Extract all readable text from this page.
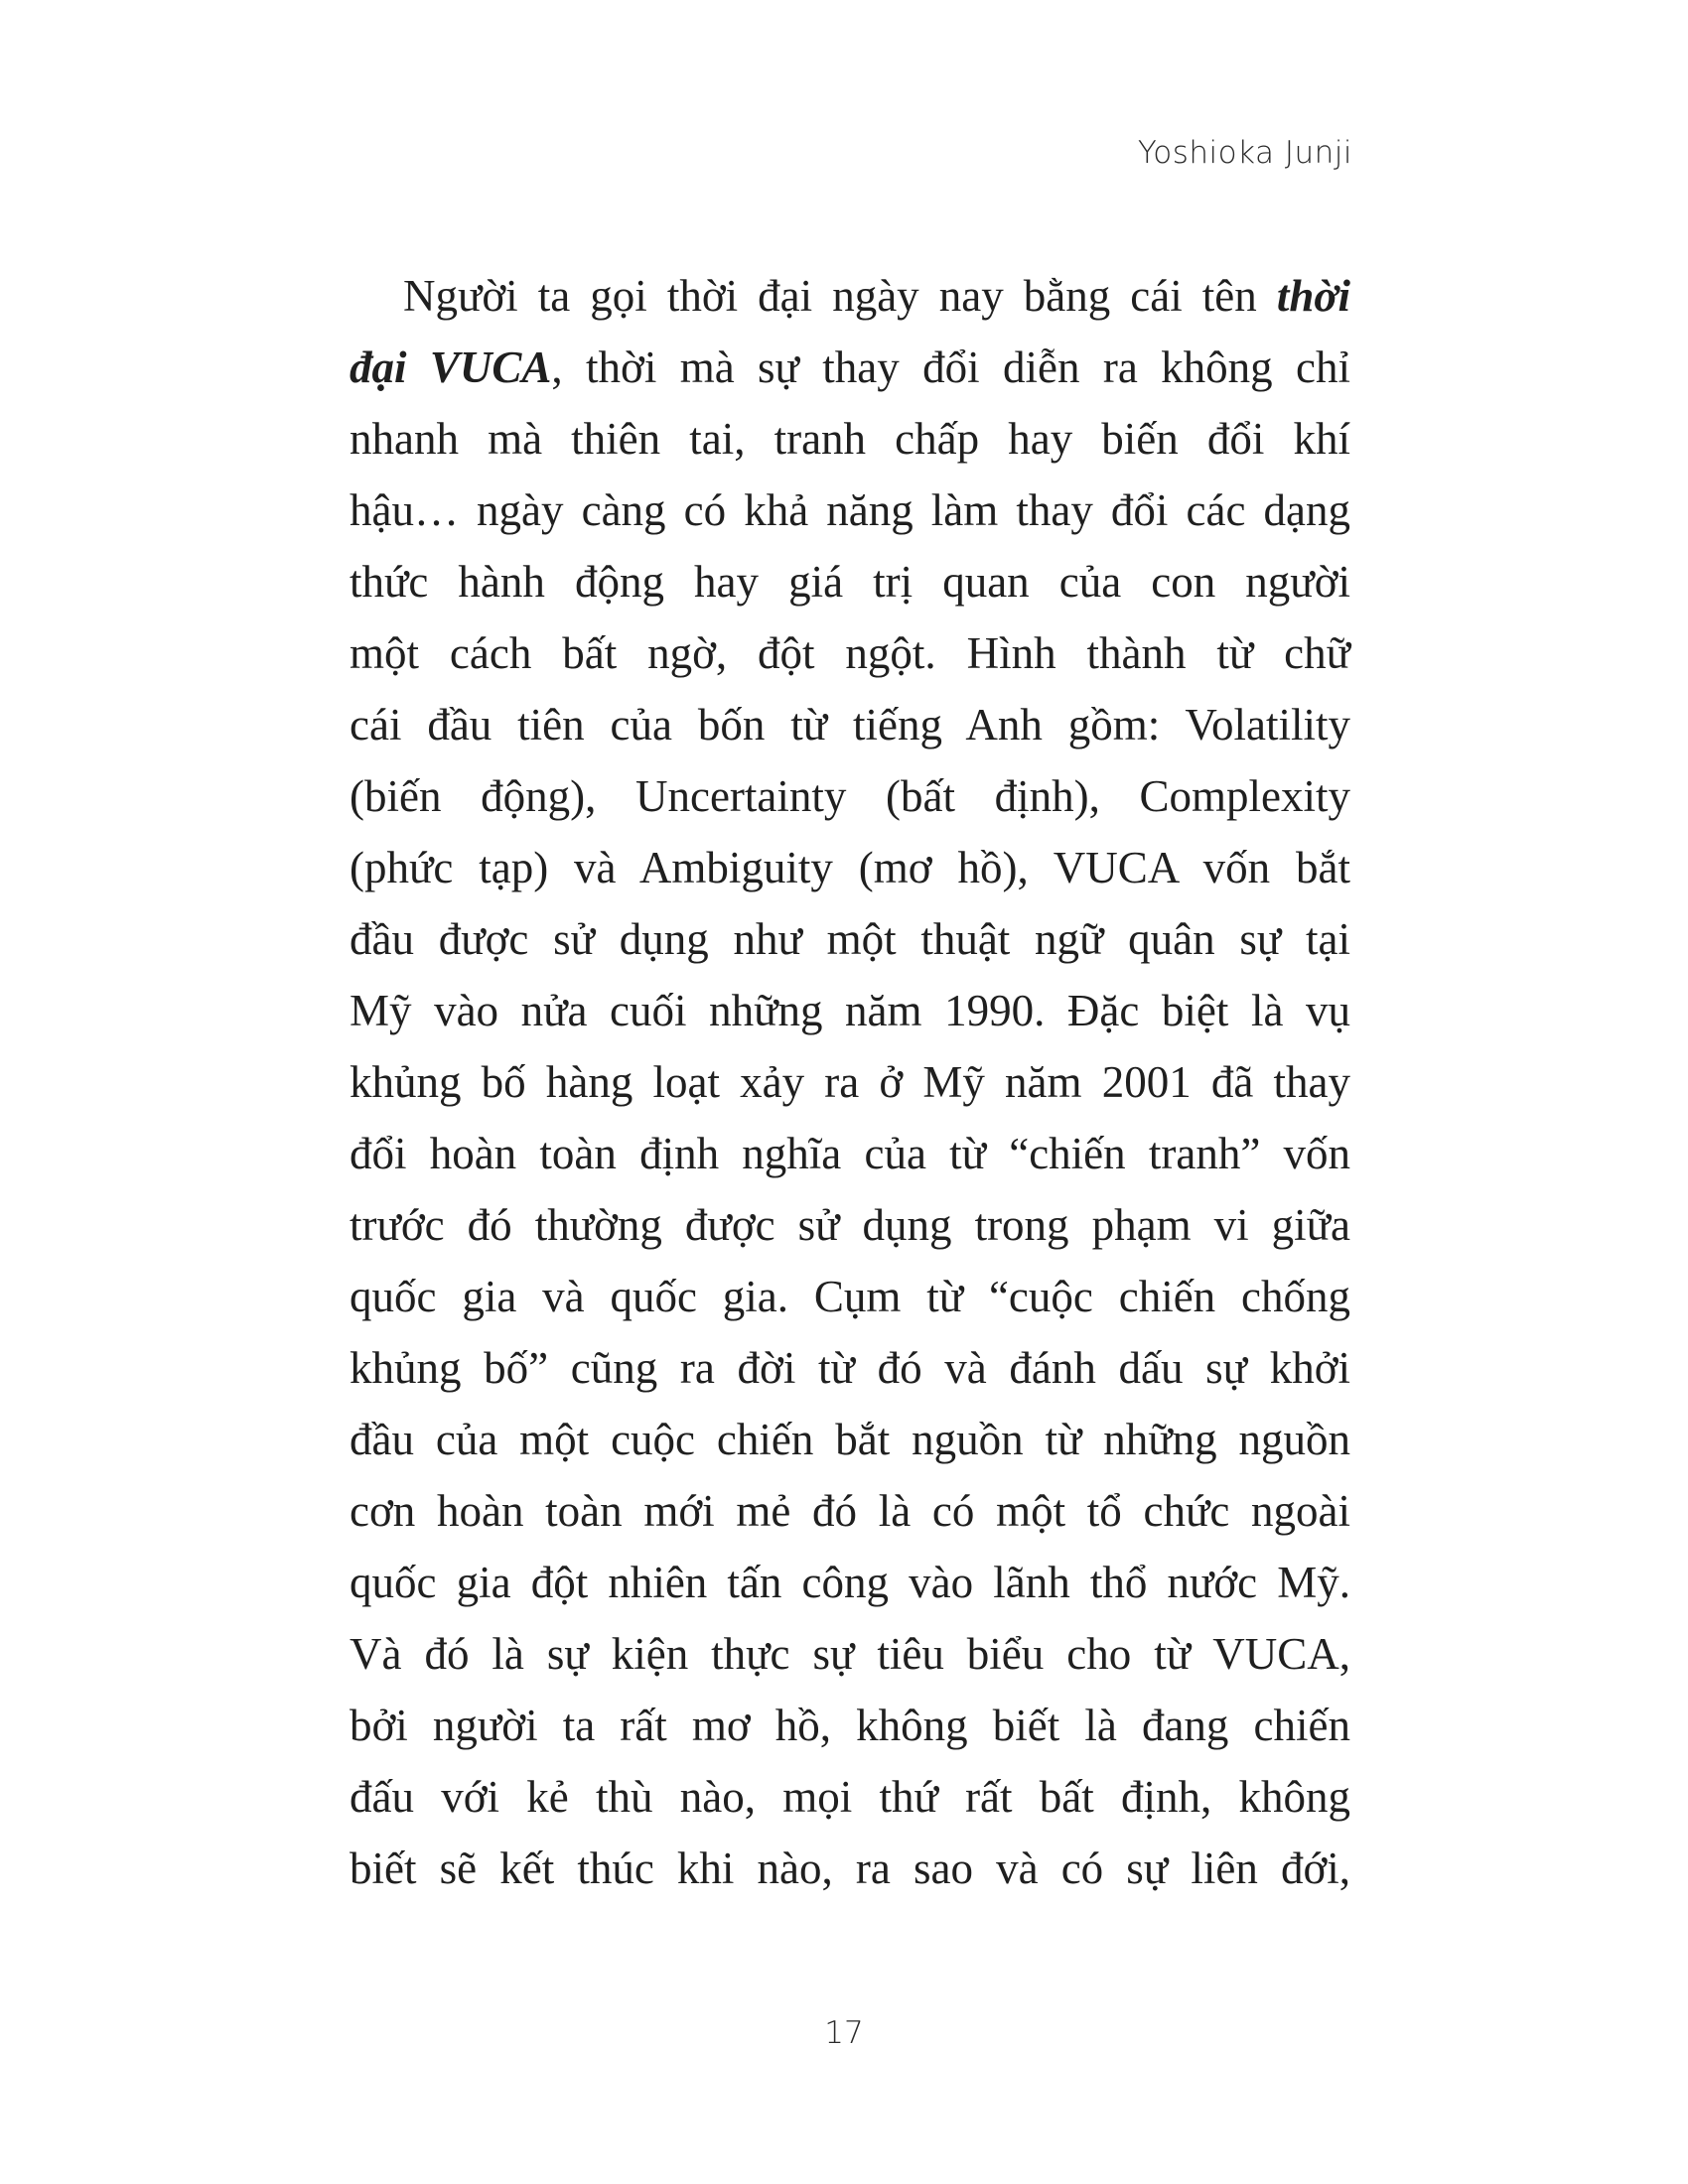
Yoshioka Junji
Người ta gọi thời đại ngày nay bằng cái tên thời
đại VUCA, thời mà sự thay đổi diễn ra không chỉ
nhanh mà thiên tai, tranh chấp hay biến đổi khí
hậu… ngày càng có khả năng làm thay đổi các dạng
thức hành động hay giá trị quan của con người
một cách bất ngờ, đột ngột. Hình thành từ chữ
cái đầu tiên của bốn từ tiếng Anh gồm: Volatility
(biến động), Uncertainty (bất định), Complexity
(phức tạp) và Ambiguity (mơ hồ), VUCA vốn bắt
đầu được sử dụng như một thuật ngữ quân sự tại
Mỹ vào nửa cuối những năm 1990. Đặc biệt là vụ
khủng bố hàng loạt xảy ra ở Mỹ năm 2001 đã thay
đổi hoàn toàn định nghĩa của từ “chiến tranh” vốn
trước đó thường được sử dụng trong phạm vi giữa
quốc gia và quốc gia. Cụm từ “cuộc chiến chống
khủng bố” cũng ra đời từ đó và đánh dấu sự khởi
đầu của một cuộc chiến bắt nguồn từ những nguồn
cơn hoàn toàn mới mẻ đó là có một tổ chức ngoài
quốc gia đột nhiên tấn công vào lãnh thổ nước Mỹ.
Và đó là sự kiện thực sự tiêu biểu cho từ VUCA,
bởi người ta rất mơ hồ, không biết là đang chiến
đấu với kẻ thù nào, mọi thứ rất bất định, không
biết sẽ kết thúc khi nào, ra sao và có sự liên đới,
17
